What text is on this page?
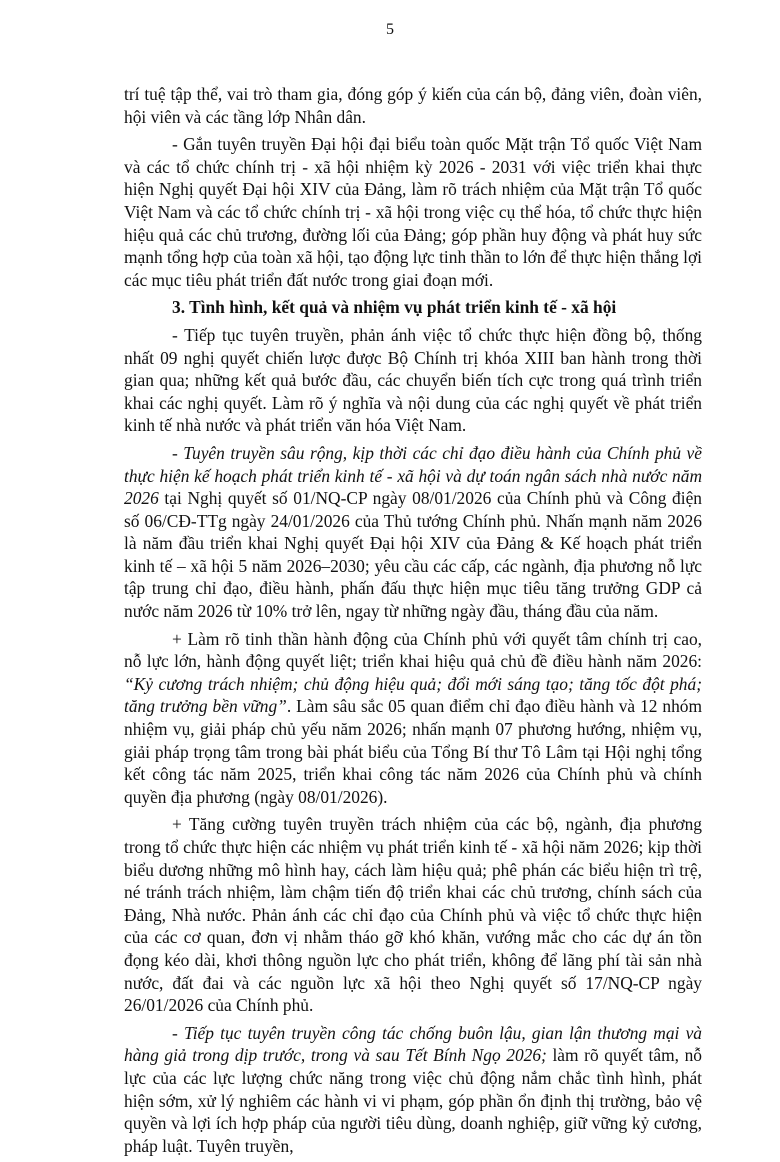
5

trí tuệ tập thể, vai trò tham gia, đóng góp ý kiến của cán bộ, đảng viên, đoàn viên, hội viên và các tầng lớp Nhân dân.

- Gắn tuyên truyền Đại hội đại biểu toàn quốc Mặt trận Tổ quốc Việt Nam và các tổ chức chính trị - xã hội nhiệm kỳ 2026 - 2031 với việc triển khai thực hiện Nghị quyết Đại hội XIV của Đảng, làm rõ trách nhiệm của Mặt trận Tổ quốc Việt Nam và các tổ chức chính trị - xã hội trong việc cụ thể hóa, tổ chức thực hiện hiệu quả các chủ trương, đường lối của Đảng; góp phần huy động và phát huy sức mạnh tổng hợp của toàn xã hội, tạo động lực tinh thần to lớn để thực hiện thắng lợi các mục tiêu phát triển đất nước trong giai đoạn mới.

3. Tình hình, kết quả và nhiệm vụ phát triển kinh tế - xã hội

- Tiếp tục tuyên truyền, phản ánh việc tổ chức thực hiện đồng bộ, thống nhất 09 nghị quyết chiến lược được Bộ Chính trị khóa XIII ban hành trong thời gian qua; những kết quả bước đầu, các chuyển biến tích cực trong quá trình triển khai các nghị quyết. Làm rõ ý nghĩa và nội dung của các nghị quyết về phát triển kinh tế nhà nước và phát triển văn hóa Việt Nam.

- Tuyên truyền sâu rộng, kịp thời các chỉ đạo điều hành của Chính phủ về thực hiện kế hoạch phát triển kinh tế - xã hội và dự toán ngân sách nhà nước năm 2026 tại Nghị quyết số 01/NQ-CP ngày 08/01/2026 của Chính phủ và Công điện số 06/CĐ-TTg ngày 24/01/2026 của Thủ tướng Chính phủ. Nhấn mạnh năm 2026 là năm đầu triển khai Nghị quyết Đại hội XIV của Đảng & Kế hoạch phát triển kinh tế – xã hội 5 năm 2026–2030; yêu cầu các cấp, các ngành, địa phương nỗ lực tập trung chỉ đạo, điều hành, phấn đấu thực hiện mục tiêu tăng trưởng GDP cả nước năm 2026 từ 10% trở lên, ngay từ những ngày đầu, tháng đầu của năm.

+ Làm rõ tinh thần hành động của Chính phủ với quyết tâm chính trị cao, nỗ lực lớn, hành động quyết liệt; triển khai hiệu quả chủ đề điều hành năm 2026: “Kỷ cương trách nhiệm; chủ động hiệu quả; đổi mới sáng tạo; tăng tốc đột phá; tăng trưởng bền vững”. Làm sâu sắc 05 quan điểm chỉ đạo điều hành và 12 nhóm nhiệm vụ, giải pháp chủ yếu năm 2026; nhấn mạnh 07 phương hướng, nhiệm vụ, giải pháp trọng tâm trong bài phát biểu của Tổng Bí thư Tô Lâm tại Hội nghị tổng kết công tác năm 2025, triển khai công tác năm 2026 của Chính phủ và chính quyền địa phương (ngày 08/01/2026).

+ Tăng cường tuyên truyền trách nhiệm của các bộ, ngành, địa phương trong tổ chức thực hiện các nhiệm vụ phát triển kinh tế - xã hội năm 2026; kịp thời biểu dương những mô hình hay, cách làm hiệu quả; phê phán các biểu hiện trì trệ, né tránh trách nhiệm, làm chậm tiến độ triển khai các chủ trương, chính sách của Đảng, Nhà nước. Phản ánh các chỉ đạo của Chính phủ và việc tổ chức thực hiện của các cơ quan, đơn vị nhằm tháo gỡ khó khăn, vướng mắc cho các dự án tồn đọng kéo dài, khơi thông nguồn lực cho phát triển, không để lãng phí tài sản nhà nước, đất đai và các nguồn lực xã hội theo Nghị quyết số 17/NQ-CP ngày 26/01/2026 của Chính phủ.

- Tiếp tục tuyên truyền công tác chống buôn lậu, gian lận thương mại và hàng giả trong dịp trước, trong và sau Tết Bính Ngọ 2026; làm rõ quyết tâm, nỗ lực của các lực lượng chức năng trong việc chủ động nắm chắc tình hình, phát hiện sớm, xử lý nghiêm các hành vi vi phạm, góp phần ổn định thị trường, bảo vệ quyền và lợi ích hợp pháp của người tiêu dùng, doanh nghiệp, giữ vững kỷ cương, pháp luật. Tuyên truyền,
